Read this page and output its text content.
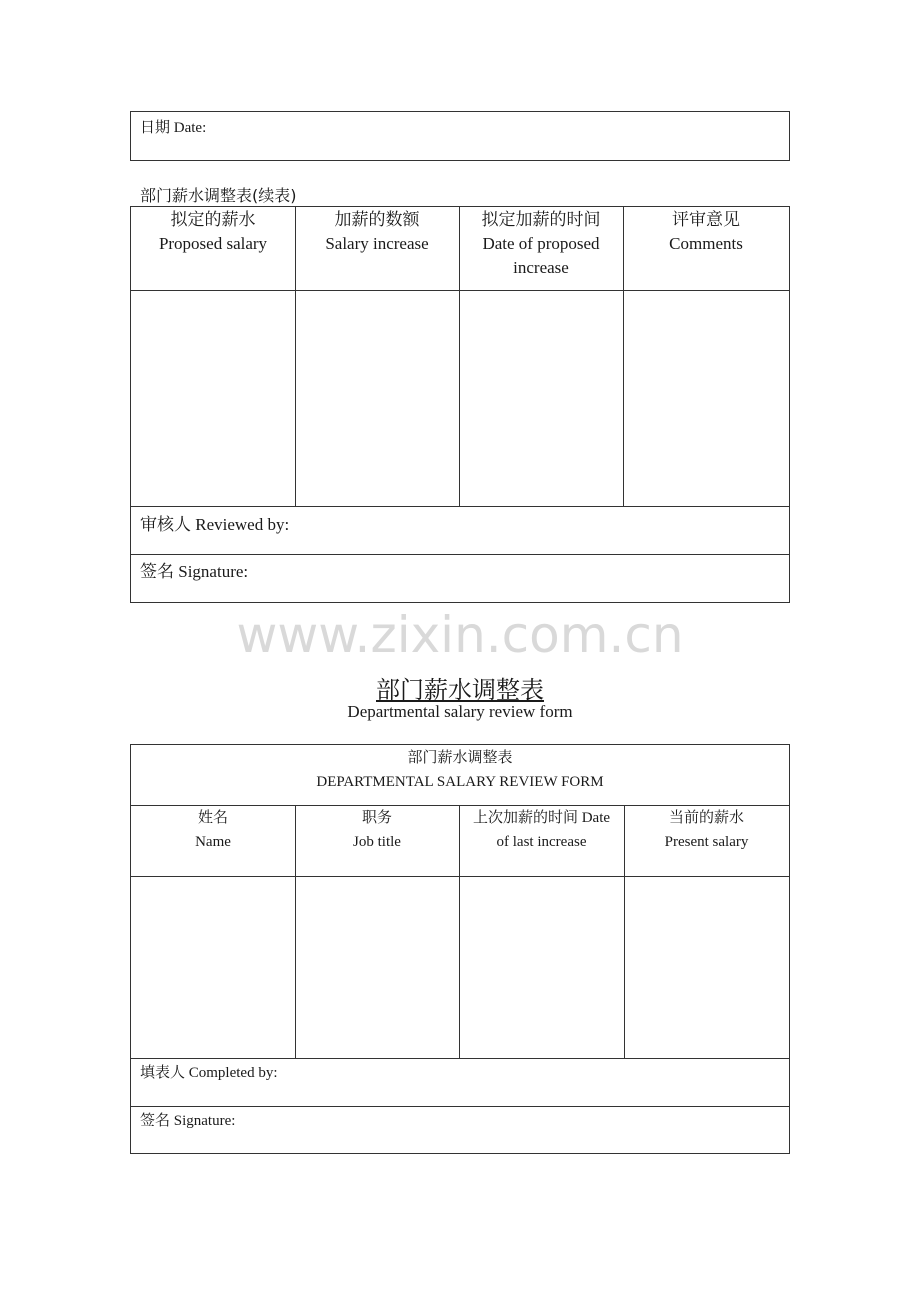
日期 Date:
部门薪水调整表(续表)
拟定的薪水
Proposed salary
加薪的数额
Salary increase
拟定加薪的时间
Date of proposed increase
评审意见
Comments
审核人 Reviewed by:
签名 Signature:
www.zixin.com.cn
部门薪水调整表
Departmental salary review form
部门薪水调整表
DEPARTMENTAL SALARY REVIEW FORM
姓名
Name
职务
Job title
上次加薪的时间 Date
of last increase
当前的薪水
Present salary
填表人 Completed by:
签名 Signature:
